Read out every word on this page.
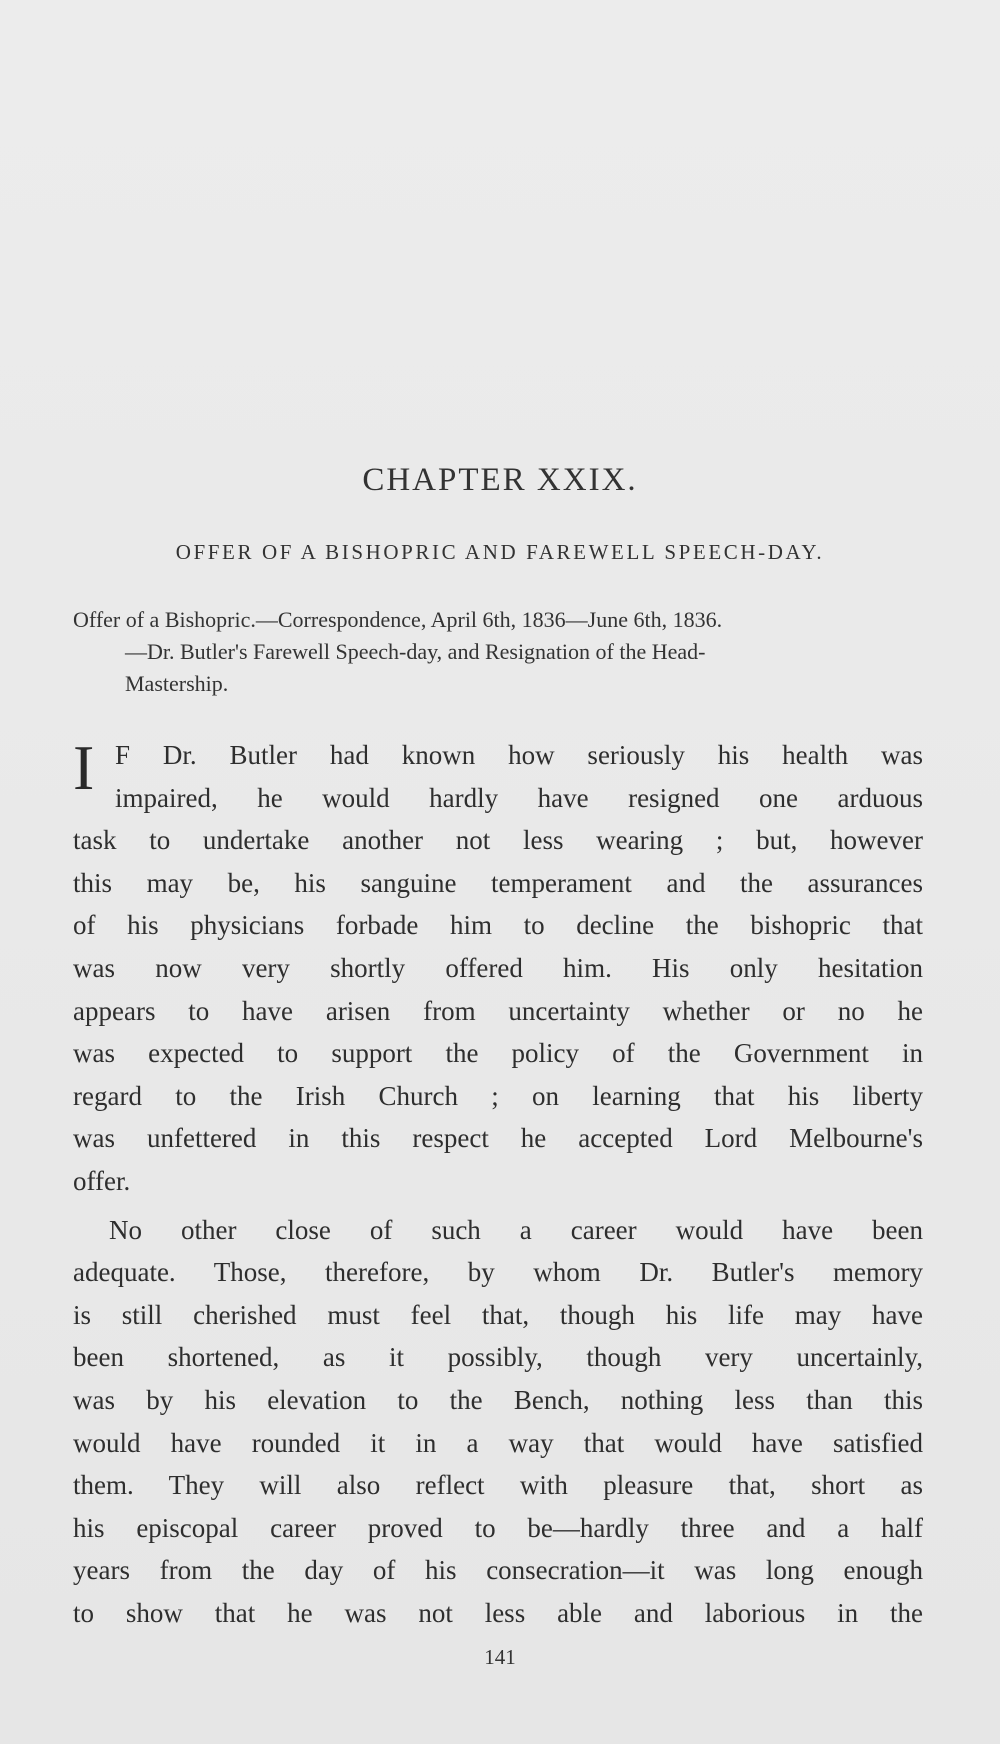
CHAPTER XXIX.
OFFER OF A BISHOPRIC AND FAREWELL SPEECH-DAY.
Offer of a Bishopric.—Correspondence, April 6th, 1836—June 6th, 1836.
—Dr. Butler's Farewell Speech-day, and Resignation of the Head-
Mastership.
I F Dr. Butler had known how seriously his health was
impaired, he would hardly have resigned one arduous
task to undertake another not less wearing ; but, however
this may be, his sanguine temperament and the assurances
of his physicians forbade him to decline the bishopric that
was now very shortly offered him. His only hesitation
appears to have arisen from uncertainty whether or no he
was expected to support the policy of the Government in
regard to the Irish Church ; on learning that his liberty
was unfettered in this respect he accepted Lord Melbourne's
offer.
No other close of such a career would have been
adequate. Those, therefore, by whom Dr. Butler's memory
is still cherished must feel that, though his life may have
been shortened, as it possibly, though very uncertainly,
was by his elevation to the Bench, nothing less than this
would have rounded it in a way that would have satisfied
them. They will also reflect with pleasure that, short as
his episcopal career proved to be—hardly three and a half
years from the day of his consecration—it was long enough
to show that he was not less able and laborious in the
141
